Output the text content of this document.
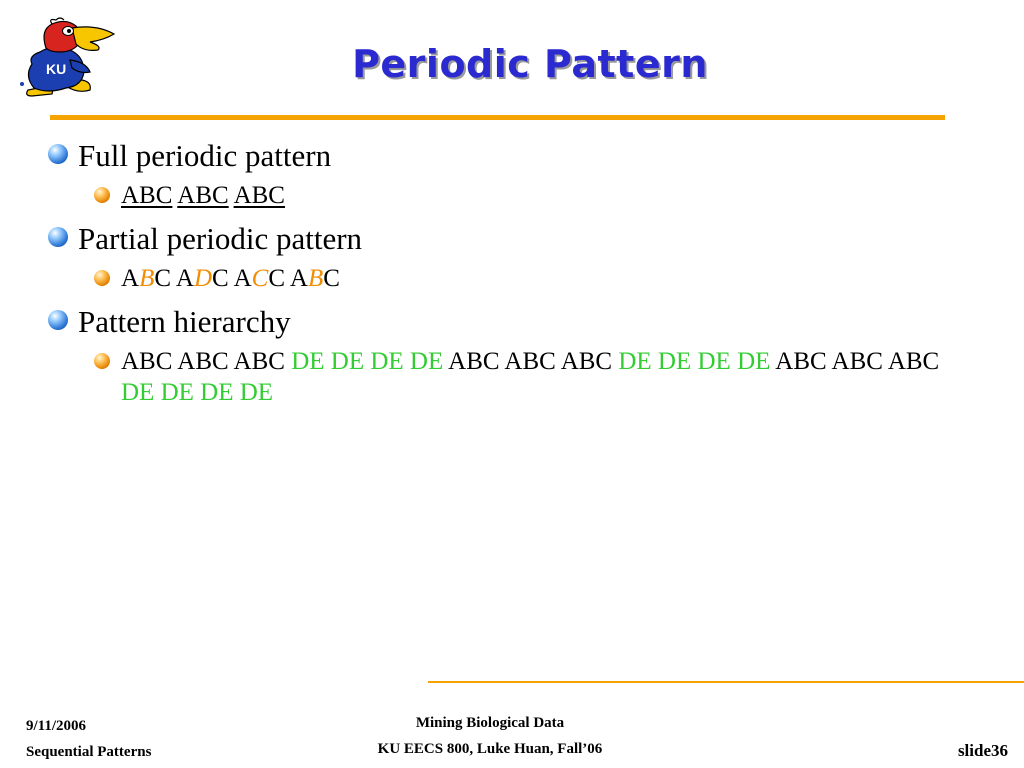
KU	Periodic Pattern
Full periodic pattern
ABC ABC ABC
Partial periodic pattern
ABC ADC ACC ABC
Pattern hierarchy
ABC ABC ABC DE DE DE DE ABC ABC ABC DE DE DE DE ABC ABC ABC DE DE DE DE
9/11/2006
Sequential Patterns
Mining Biological Data
KU EECS 800, Luke Huan, Fall’06	slide36
